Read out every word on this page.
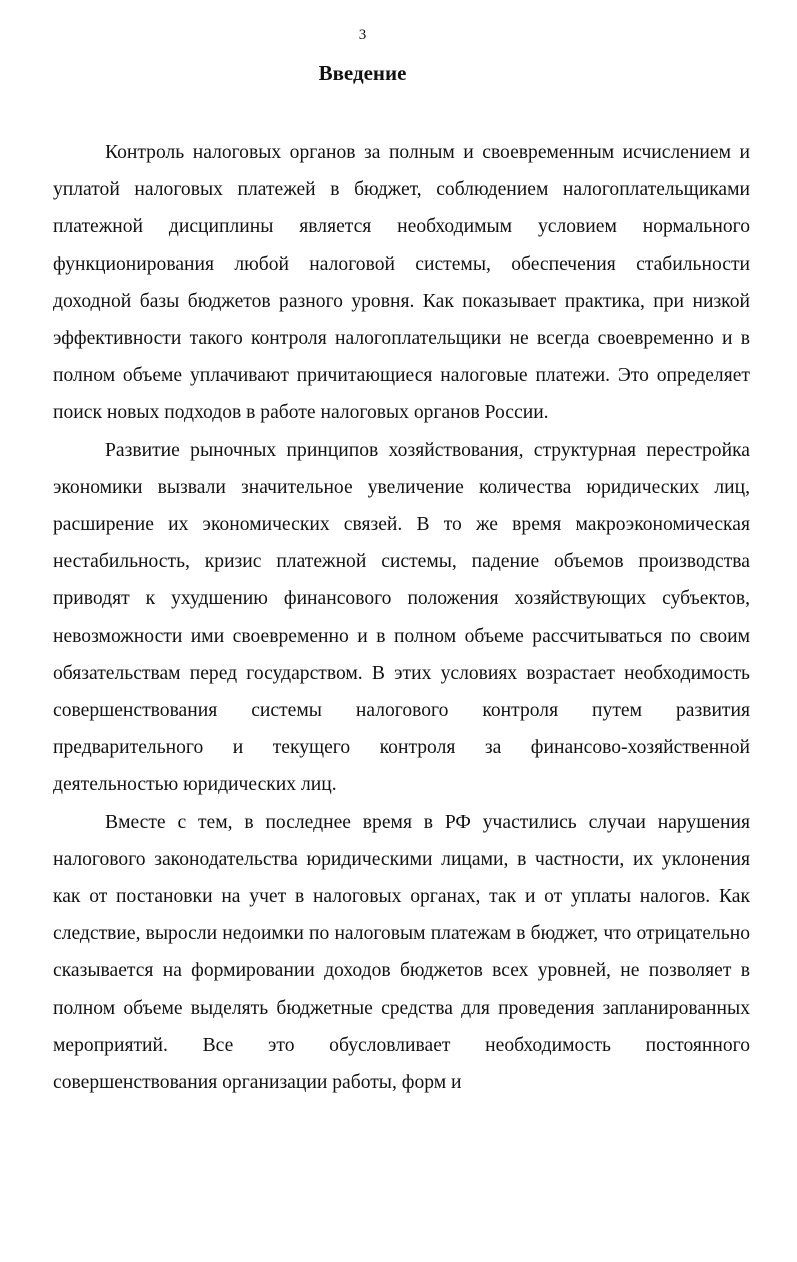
3
Введение

Контроль налоговых органов за полным и своевременным исчислением и уплатой налоговых платежей в бюджет, соблюдением налогоплательщиками платежной дисциплины является необходимым условием нормального функционирования любой налоговой системы, обеспечения стабильности доходной базы бюджетов разного уровня. Как показывает практика, при низкой эффективности такого контроля налогоплательщики не всегда своевременно и в полном объеме уплачивают причитающиеся налоговые платежи. Это определяет поиск новых подходов в работе налоговых органов России.

Развитие рыночных принципов хозяйствования, структурная перестройка экономики вызвали значительное увеличение количества юридических лиц, расширение их экономических связей. В то же время макроэкономическая нестабильность, кризис платежной системы, падение объемов производства приводят к ухудшению финансового положения хозяйствующих субъектов, невозможности ими своевременно и в полном объеме рассчитываться по своим обязательствам перед государством. В этих условиях возрастает необходимость совершенствования системы налогового контроля путем развития предварительного и текущего контроля за финансово-хозяйственной деятельностью юридических лиц.

Вместе с тем, в последнее время в РФ участились случаи нарушения налогового законодательства юридическими лицами, в частности, их уклонения как от постановки на учет в налоговых органах, так и от уплаты налогов. Как следствие, выросли недоимки по налоговым платежам в бюджет, что отрицательно сказывается на формировании доходов бюджетов всех уровней, не позволяет в полном объеме выделять бюджетные средства для проведения запланированных мероприятий. Все это обусловливает необходимость постоянного совершенствования организации работы, форм и
